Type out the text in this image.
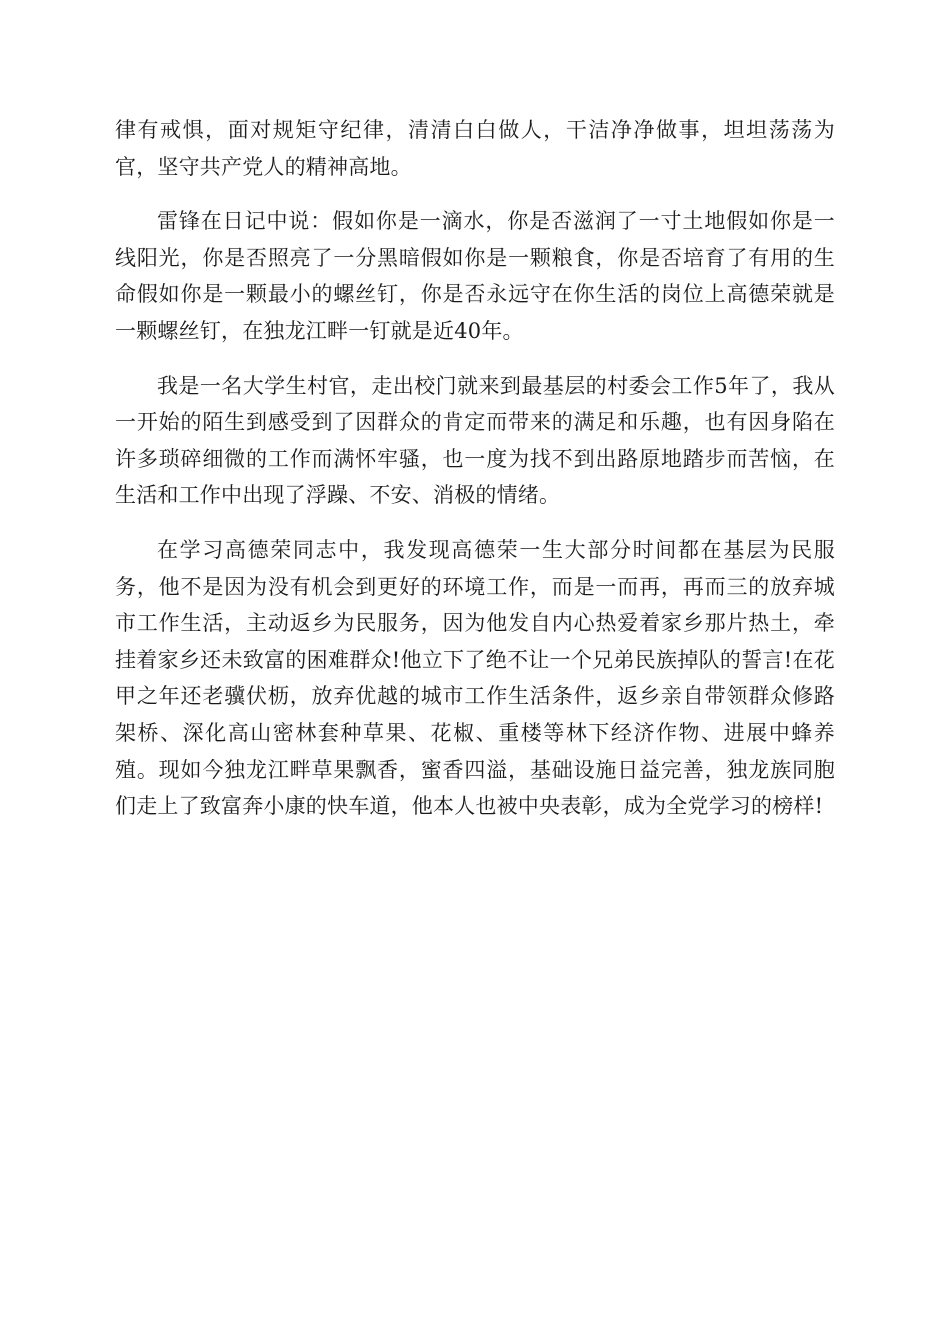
律有戒惧，面对规矩守纪律，清清白白做人，干洁净净做事，坦坦荡荡为官，坚守共产党人的精神高地。

雷锋在日记中说：假如你是一滴水，你是否滋润了一寸土地假如你是一线阳光，你是否照亮了一分黑暗假如你是一颗粮食，你是否培育了有用的生命假如你是一颗最小的螺丝钉，你是否永远守在你生活的岗位上高德荣就是一颗螺丝钉，在独龙江畔一钉就是近40年。

我是一名大学生村官，走出校门就来到最基层的村委会工作5年了，我从一开始的陌生到感受到了因群众的肯定而带来的满足和乐趣，也有因身陷在许多琐碎细微的工作而满怀牢骚，也一度为找不到出路原地踏步而苦恼，在生活和工作中出现了浮躁、不安、消极的情绪。

在学习高德荣同志中，我发现高德荣一生大部分时间都在基层为民服务，他不是因为没有机会到更好的环境工作，而是一而再，再而三的放弃城市工作生活，主动返乡为民服务，因为他发自内心热爱着家乡那片热土，牵挂着家乡还未致富的困难群众!他立下了绝不让一个兄弟民族掉队的誓言!在花甲之年还老骥伏枥，放弃优越的城市工作生活条件，返乡亲自带领群众修路架桥、深化高山密林套种草果、花椒、重楼等林下经济作物、进展中蜂养殖。现如今独龙江畔草果飘香，蜜香四溢，基础设施日益完善，独龙族同胞们走上了致富奔小康的快车道，他本人也被中央表彰，成为全党学习的榜样!
